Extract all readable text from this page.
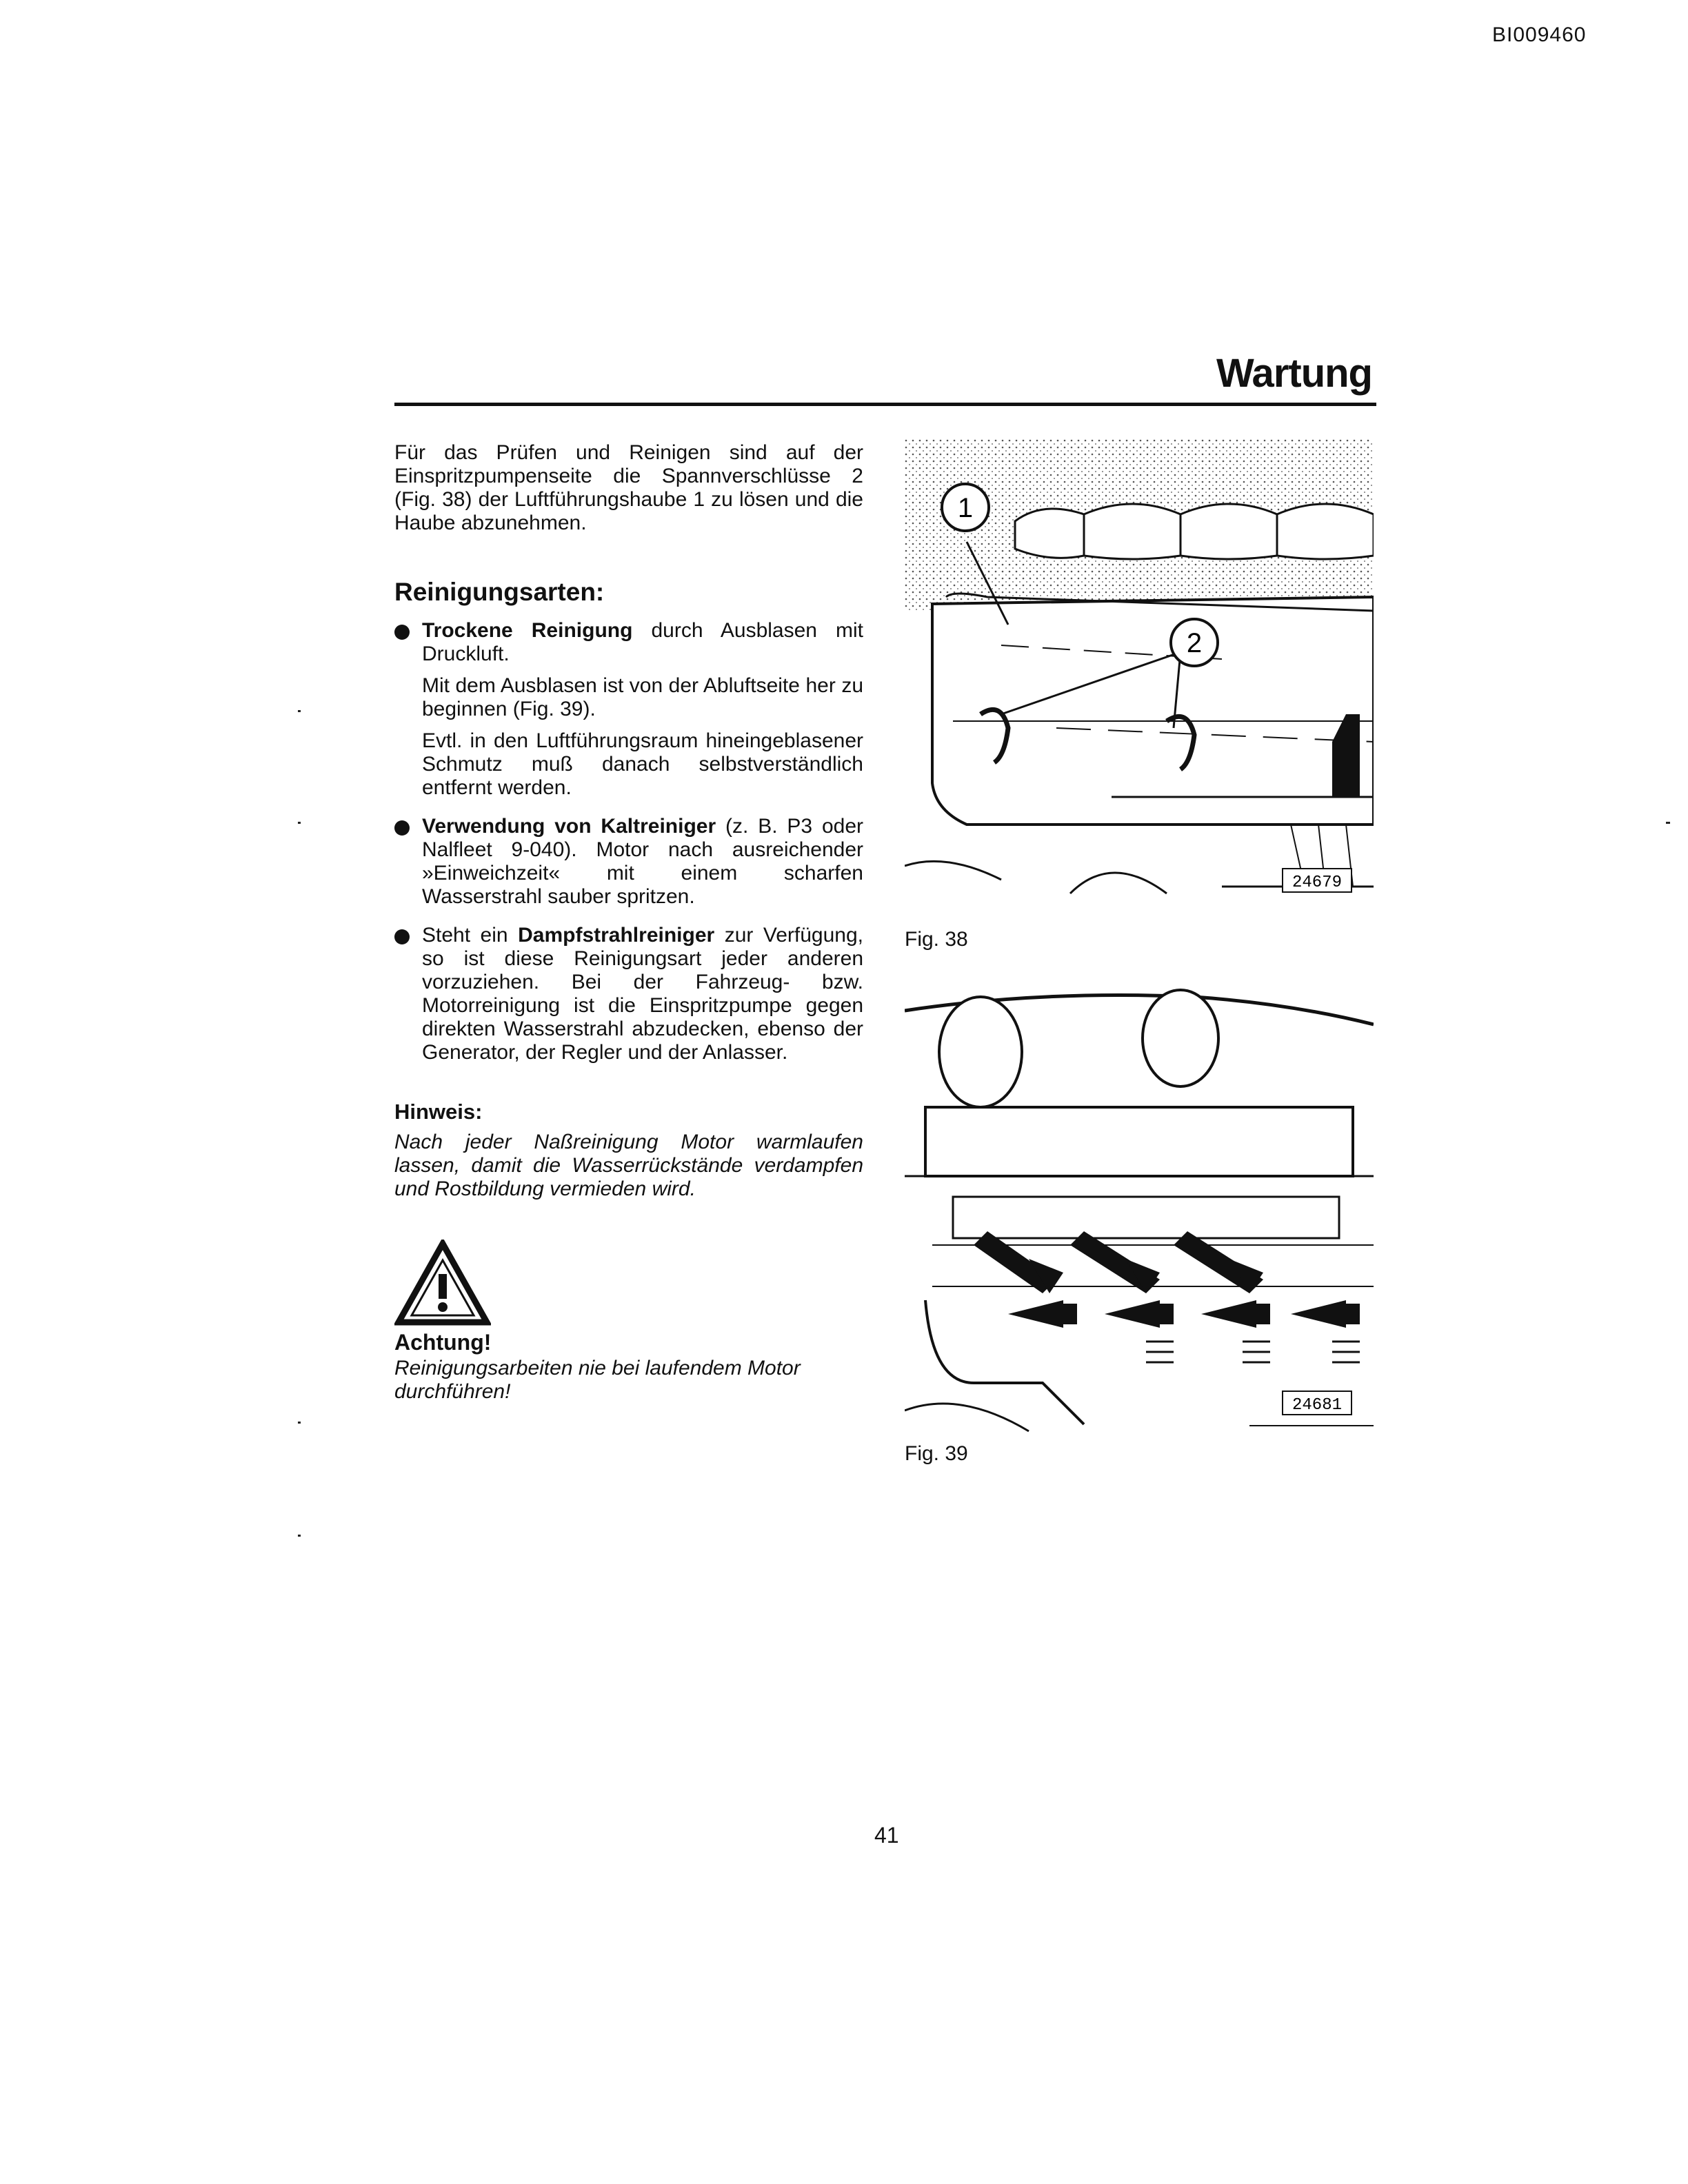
BI009460
Wartung

Für das Prüfen und Reinigen sind auf der Einspritzpumpenseite die Spannverschlüsse 2 (Fig. 38) der Luftführungshaube 1 zu lösen und die Haube abzunehmen.

Reinigungsarten:

Trockene Reinigung durch Ausblasen mit Druckluft.

Mit dem Ausblasen ist von der Abluftseite her zu beginnen (Fig. 39).

Evtl. in den Luftführungsraum hineingeblasener Schmutz muß danach selbstverständlich entfernt werden.

Verwendung von Kaltreiniger (z. B. P3 oder Nalfleet 9-040). Motor nach ausreichender »Einweichzeit« mit einem scharfen Wasserstrahl sauber spritzen.

Steht ein Dampfstrahlreiniger zur Verfügung, so ist diese Reinigungsart jeder anderen vorzuziehen. Bei der Fahrzeug- bzw. Motorreinigung ist die Einspritzpumpe gegen direkten Wasserstrahl abzudecken, ebenso der Generator, der Regler und der Anlasser.

Hinweis:

Nach jeder Naßreinigung Motor warmlaufen lassen, damit die Wasserrückstände verdampfen und Rostbildung vermieden wird.

Achtung!

Reinigungsarbeiten nie bei laufendem Motor durchführen!

1
2
24679
Fig. 38
24681
Fig. 39
41
